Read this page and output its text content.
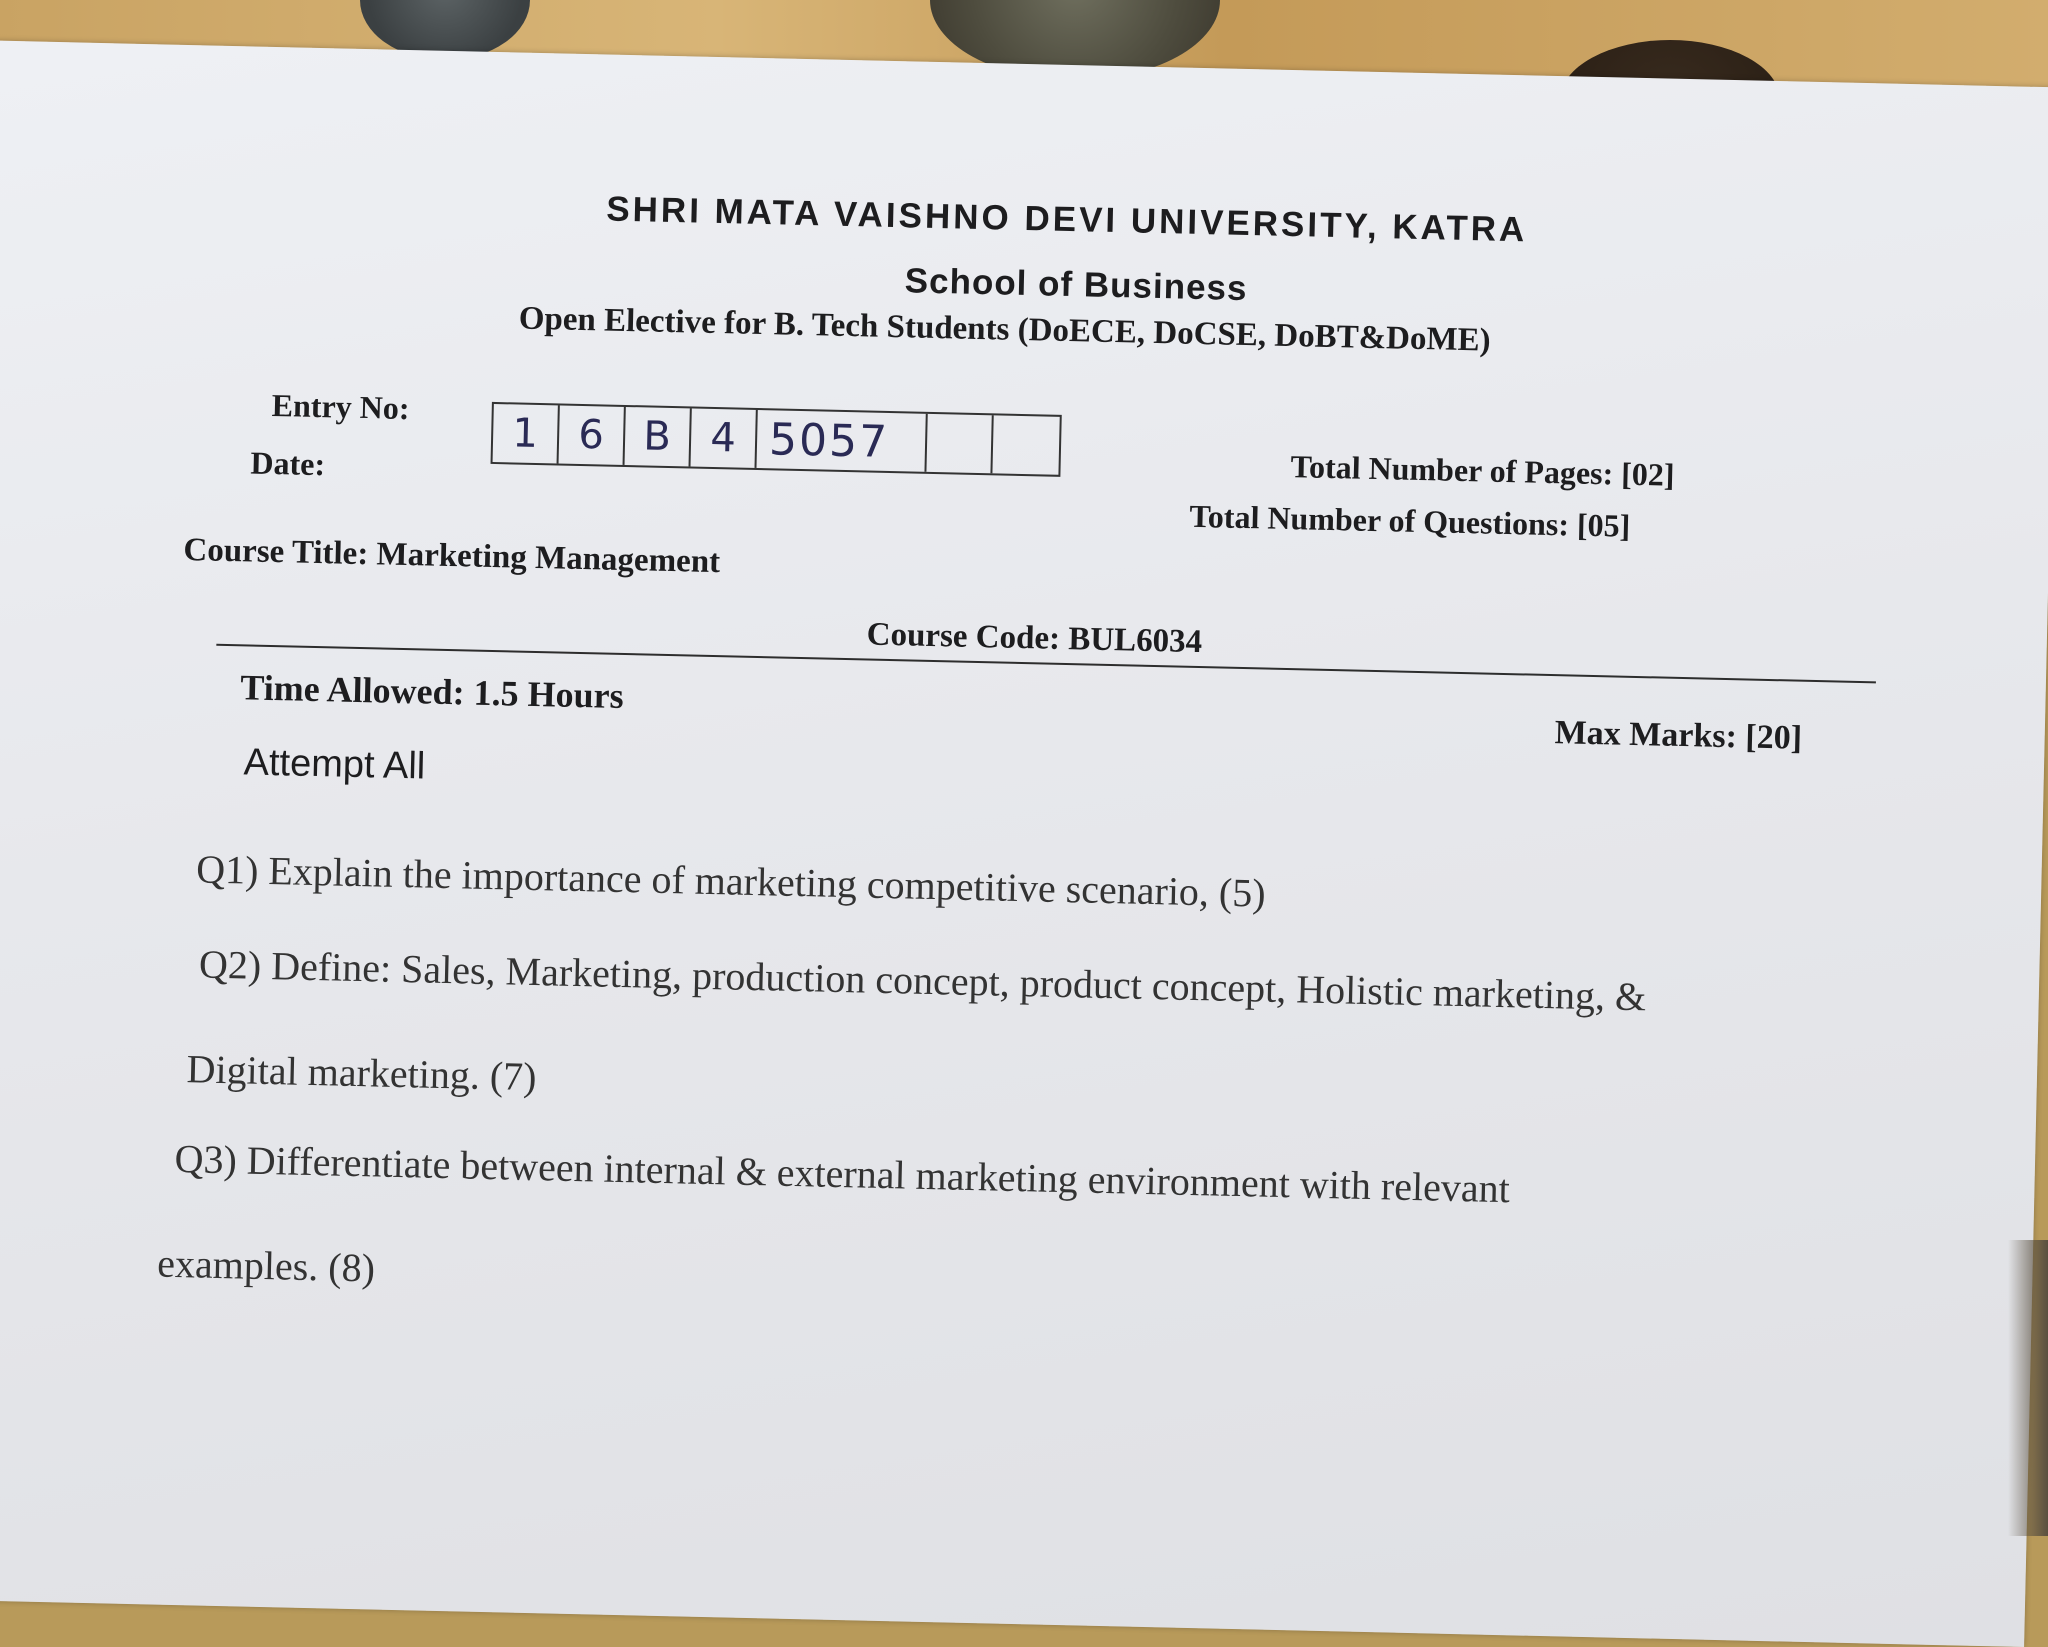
SHRI MATA VAISHNO DEVI UNIVERSITY, KATRA
School of Business
Open Elective for B. Tech Students (DoECE, DoCSE, DoBT&DoME)
Entry No:
Date:
1 6 B 4 5057
Total Number of Pages: [02]
Total Number of Questions: [05]
Course Title: Marketing Management
Course Code: BUL6034
Time Allowed: 1.5 Hours
Max Marks: [20]
Attempt All
Q1) Explain the importance of marketing competitive scenario, (5)
Q2) Define: Sales, Marketing, production concept, product concept, Holistic marketing, &
Digital marketing. (7)
Q3) Differentiate between internal & external marketing environment with relevant
examples. (8)
